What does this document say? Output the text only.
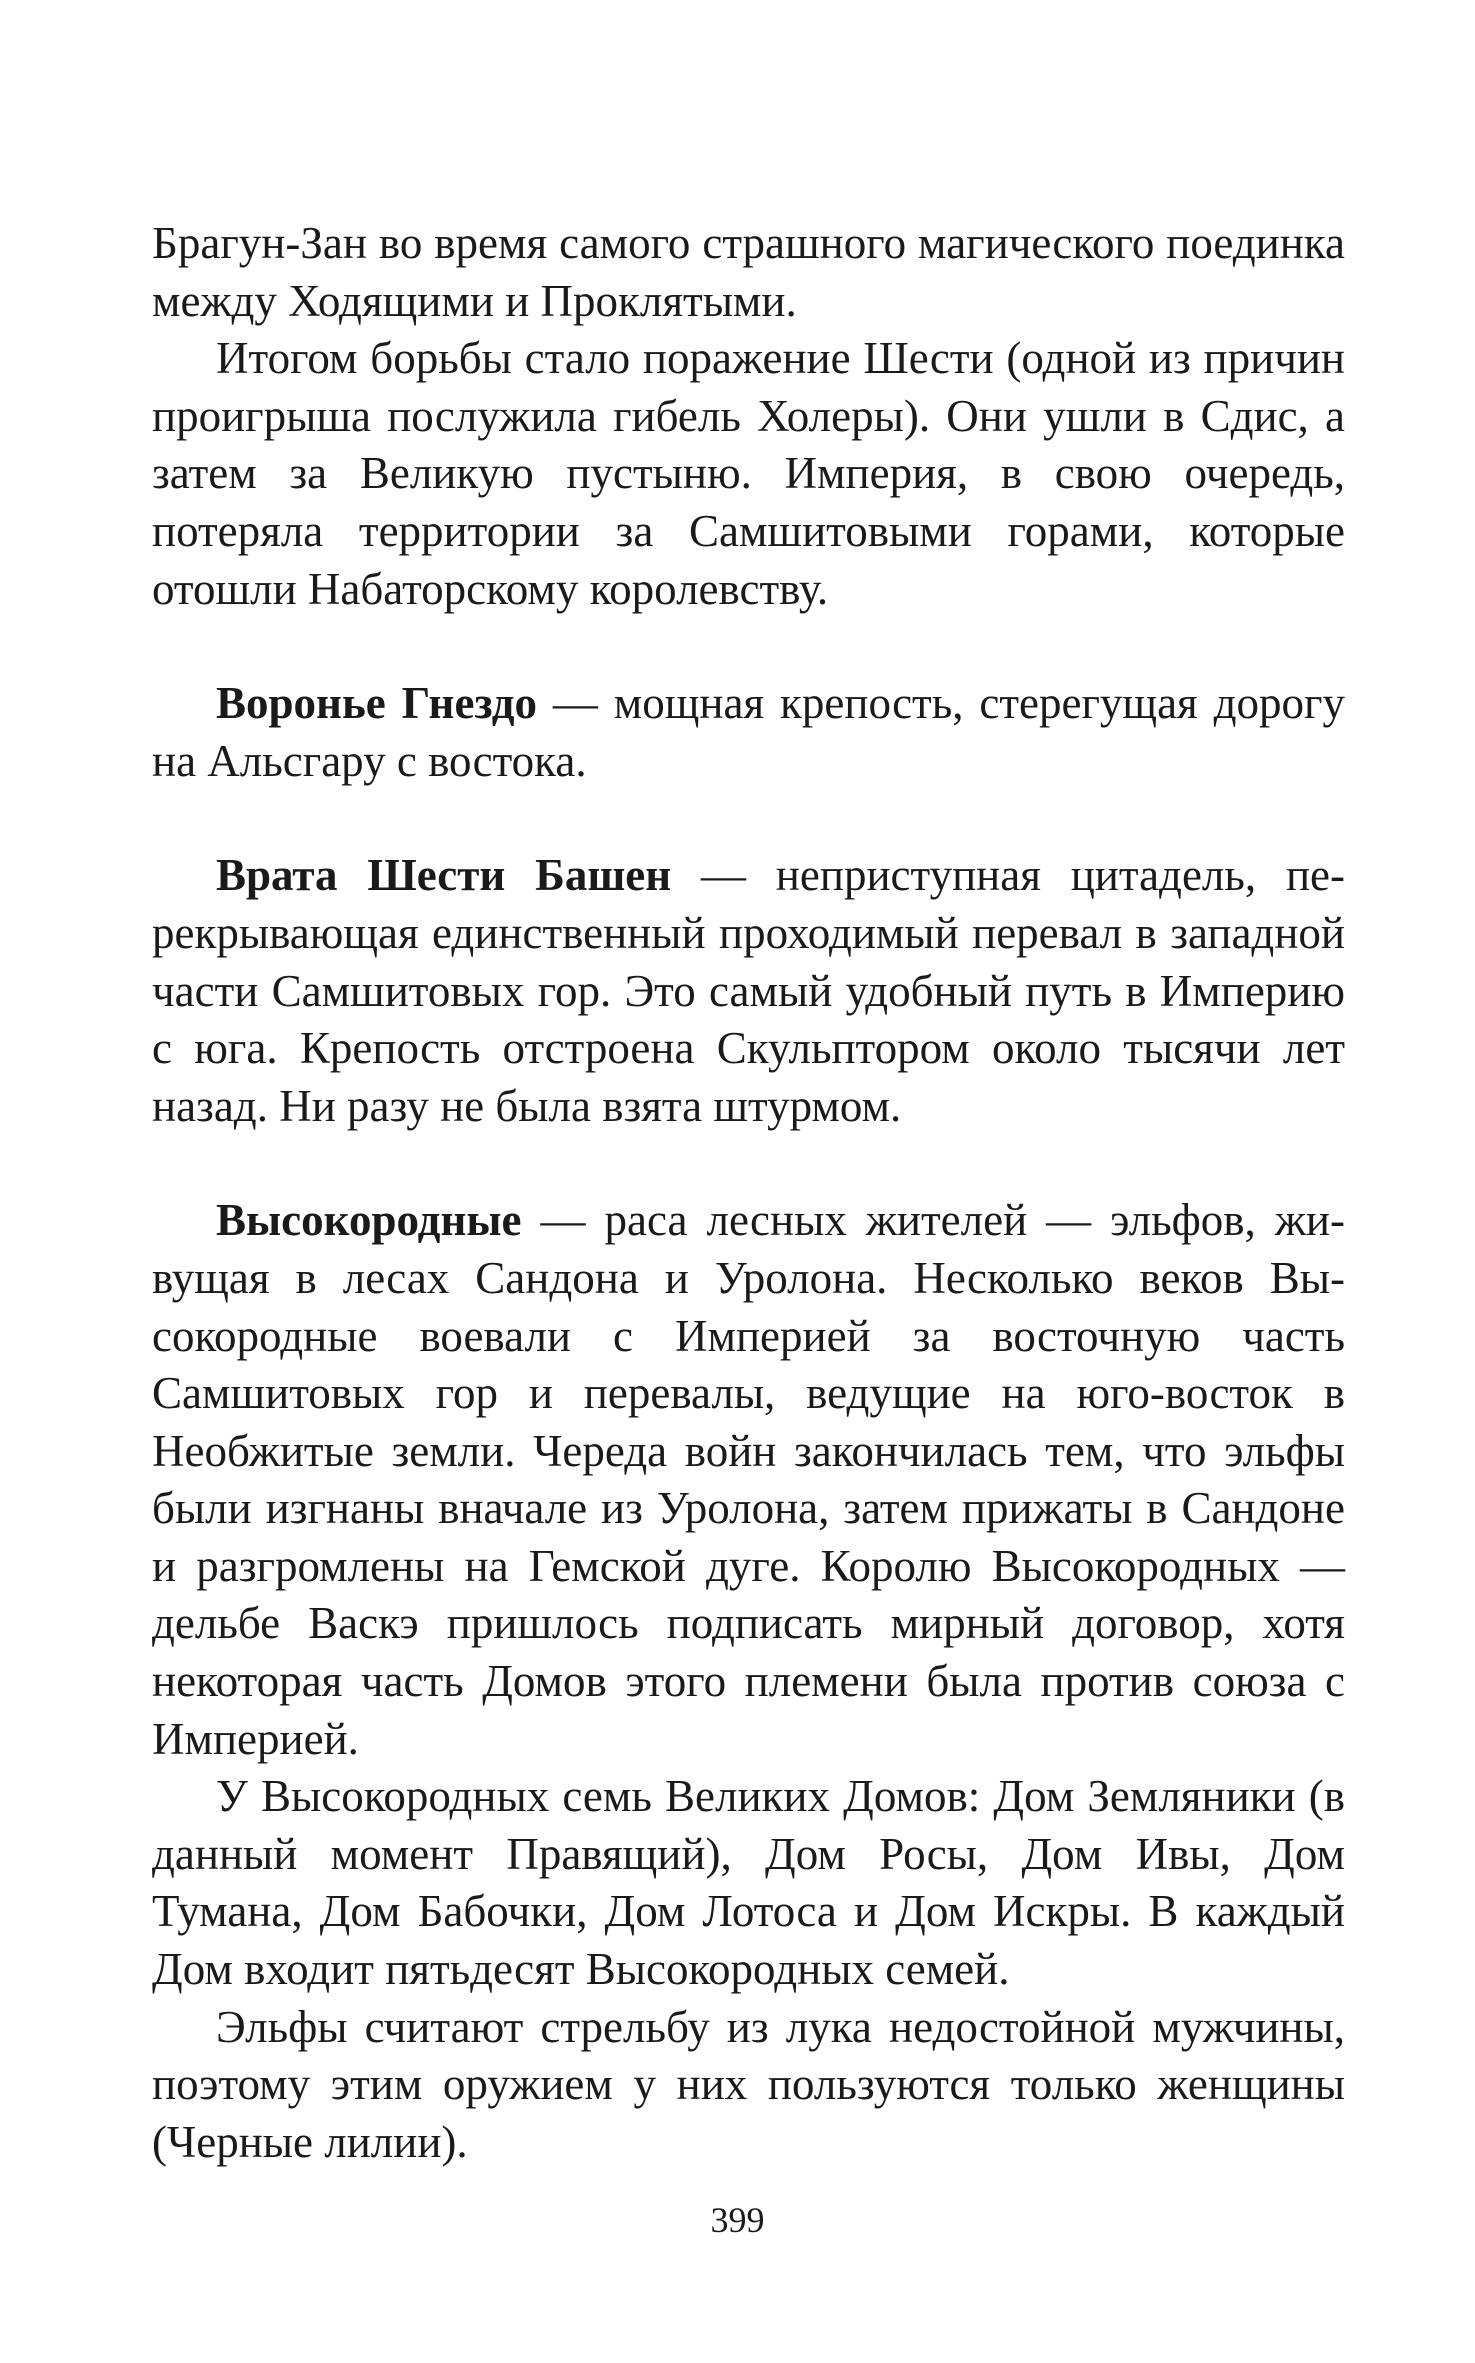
Брагун-Зан во время самого страшного магического поединка между Ходящими и Проклятыми.

Итогом борьбы стало поражение Шести (одной из причин проигрыша послужила гибель Холеры). Они ушли в Сдис, а затем за Великую пустыню. Империя, в свою очередь, потеряла территории за Самшитовыми горами, которые отошли Набаторскому королевству.

Воронье Гнездо — мощная крепость, стерегущая дорогу на Альсгару с востока.

Врата Шести Башен — неприступная цитадель, перекрывающая единственный проходимый перевал в западной части Самшитовых гор. Это самый удобный путь в Империю с юга. Крепость отстроена Скульптором около тысячи лет назад. Ни разу не была взята штурмом.

Высокородные — раса лесных жителей — эльфов, живущая в лесах Сандона и Уролона. Несколько веков Высокородные воевали с Империей за восточную часть Самшитовых гор и перевалы, ведущие на юго-восток в Необжитые земли. Череда войн закончилась тем, что эльфы были изгнаны вначале из Уролона, затем прижаты в Сандоне и разгромлены на Гемской дуге. Королю Высокородных — дельбе Васкэ пришлось подписать мирный договор, хотя некоторая часть Домов этого племени была против союза с Империей.

У Высокородных семь Великих Домов: Дом Земляники (в данный момент Правящий), Дом Росы, Дом Ивы, Дом Тумана, Дом Бабочки, Дом Лотоса и Дом Искры. В каждый Дом входит пятьдесят Высокородных семей.

Эльфы считают стрельбу из лука недостойной мужчины, поэтому этим оружием у них пользуются только женщины (Черные лилии).

399
